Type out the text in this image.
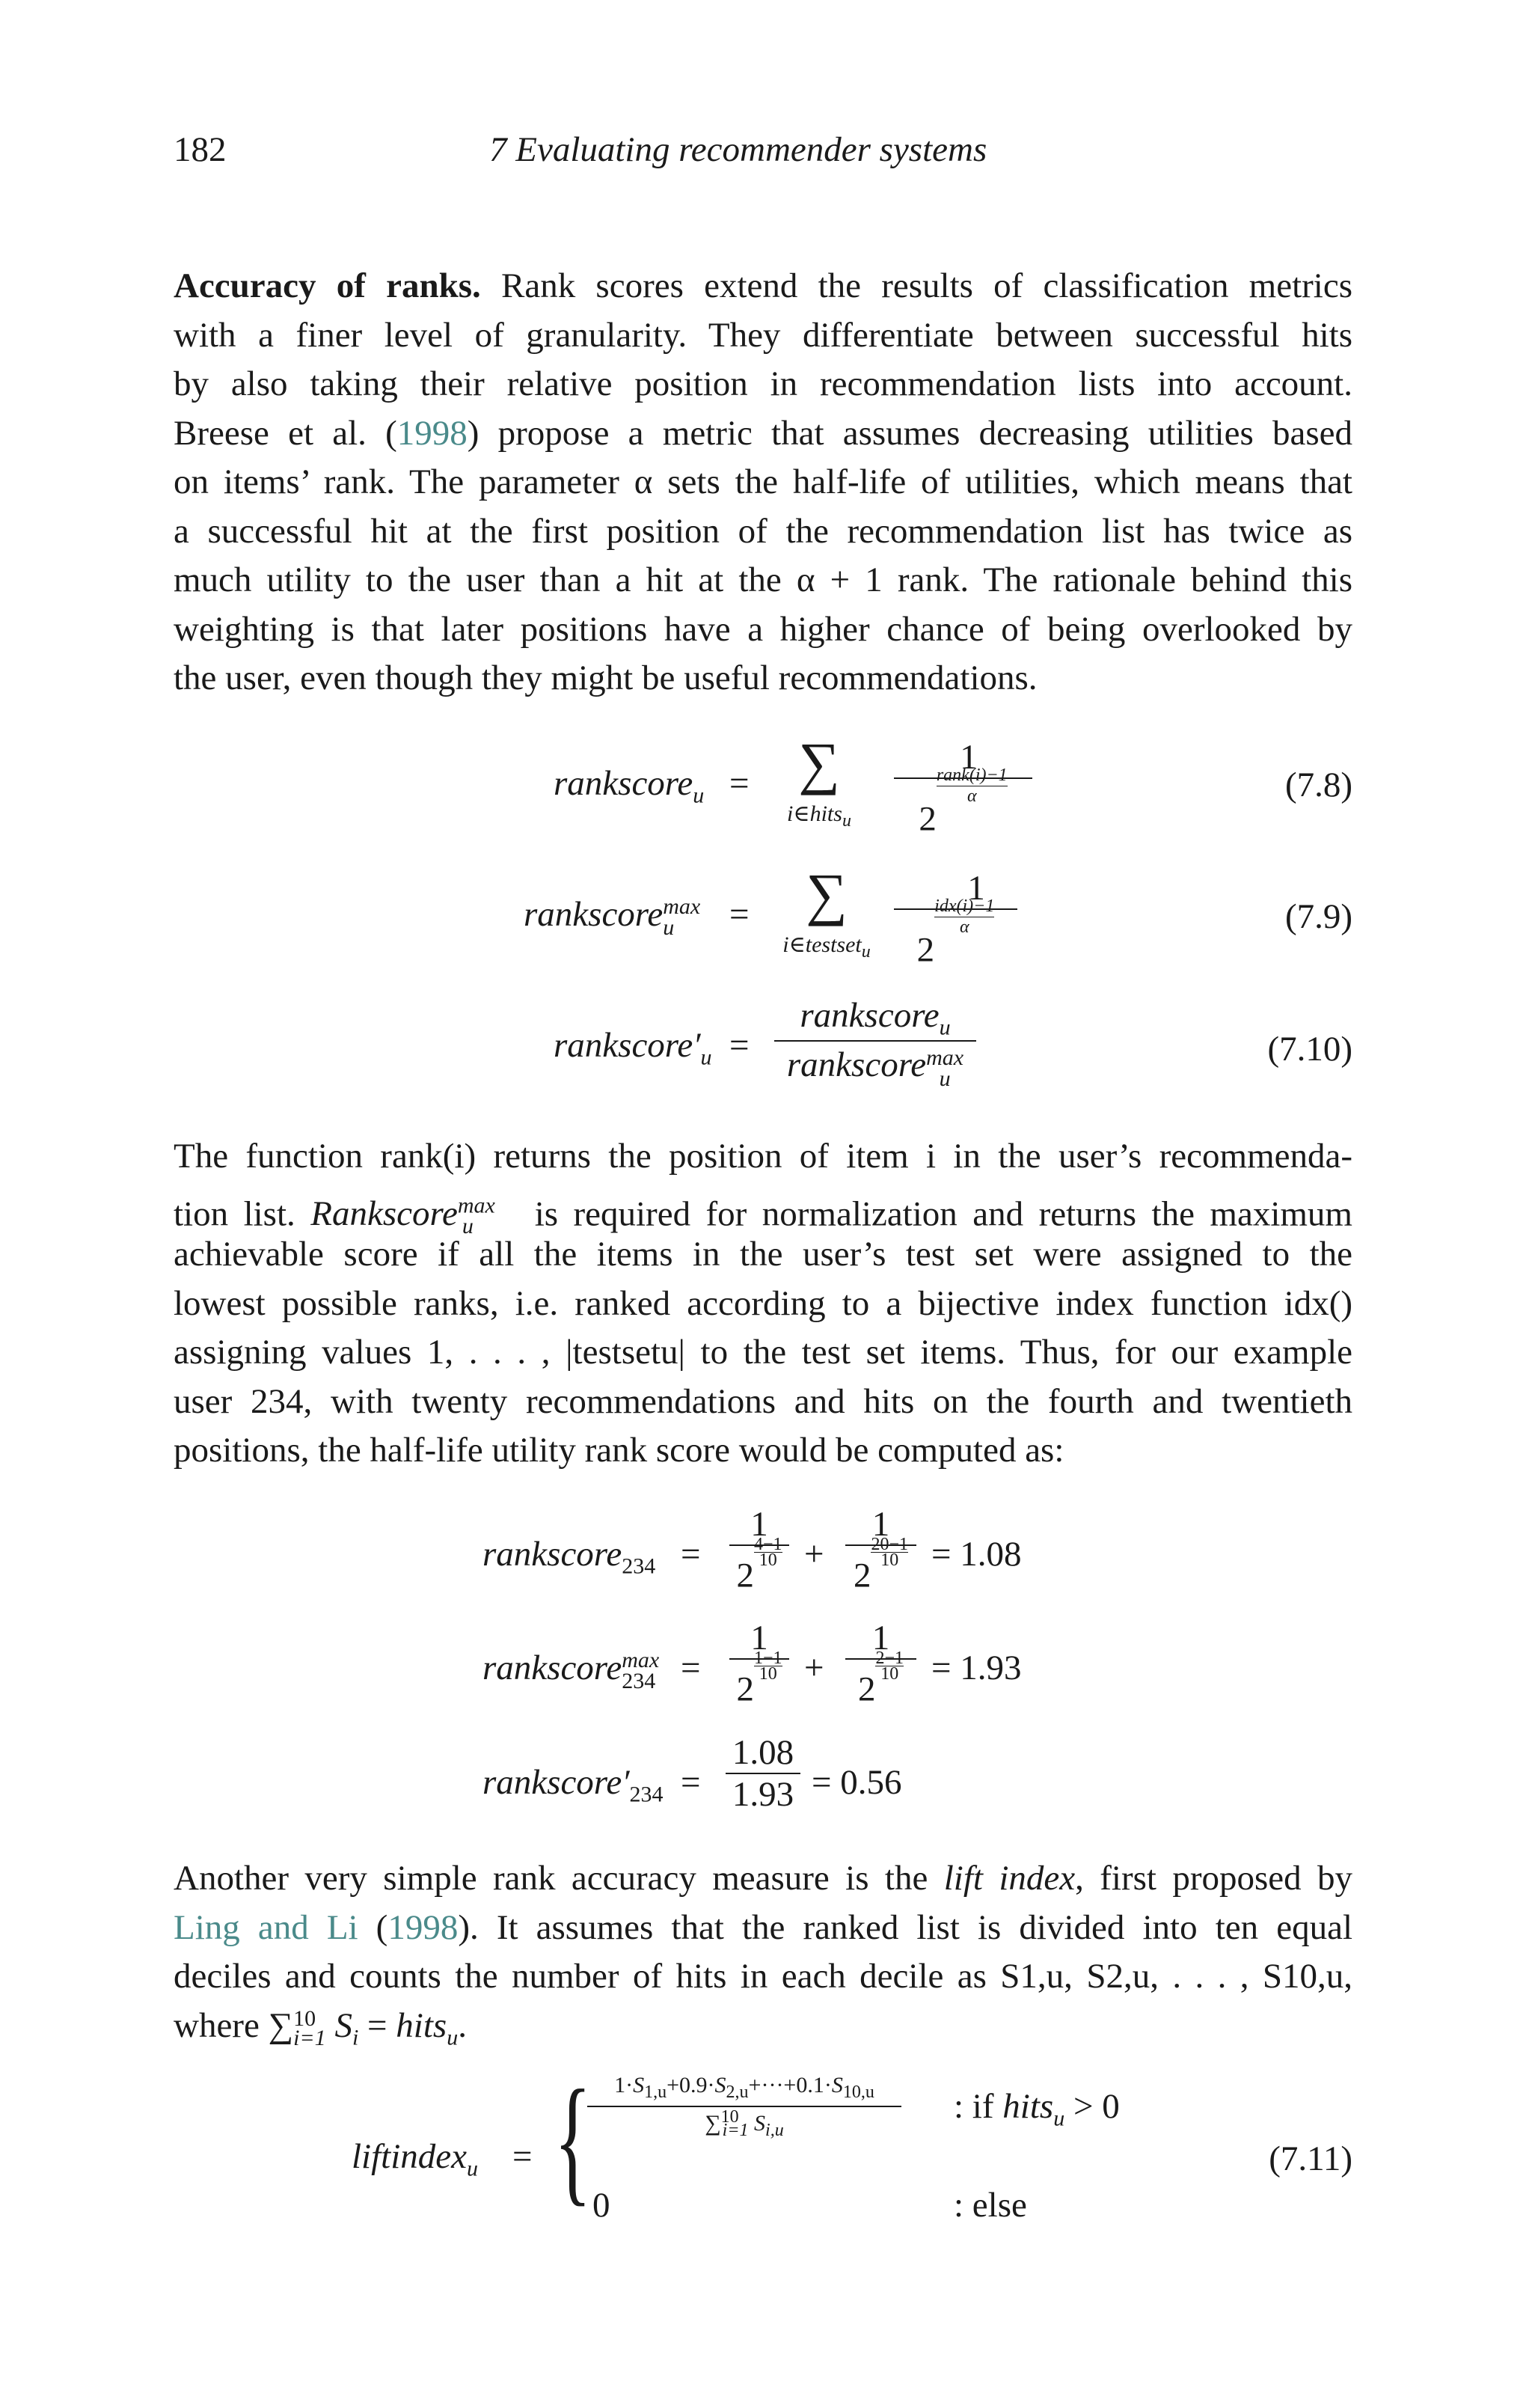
182	7 Evaluating recommender systems
Accuracy of ranks. Rank scores extend the results of classification metrics
with a finer level of granularity. They differentiate between successful hits
by also taking their relative position in recommendation lists into account.
Breese et al. (1998) propose a metric that assumes decreasing utilities based
on items’ rank. The parameter α sets the half-life of utilities, which means that
a successful hit at the first position of the recommendation list has twice as
much utility to the user than a hit at the α + 1 rank. The rationale behind this
weighting is that later positions have a higher chance of being overlooked by
the user, even though they might be useful recommendations.
rankscore$_u$ = ∑
i∈hits$_u$
1
2
$^{rank(i)-1 \alpha}$	(7.8)
rankscore max
u	= ∑
i∈testset$_u$
1
2
$^{idx(i)-1 \alpha}$	(7.9)
$rankscore'_u$ =
rankscore$_u$
rankscore max
u
(7.10)
The function rank(i) returns the position of item i in the user’s recommenda-
tion list. Rankscore$^{max}_u$ is required for normalization and returns the maximum
achievable score if all the items in the user’s test set were assigned to the
lowest possible ranks, i.e. ranked according to a bijective index function idx()
assigning values 1, . . . , |testsetu| to the test set items. Thus, for our example
user 234, with twenty recommendations and hits on the fourth and twentieth
positions, the half-life utility rank score would be computed as:
rankscore$_{234}$ =
1
2
$^{\frac{4-1}{10}}$ +
1
2
$^{\frac{20-1}{10}}$ = 1.08
rankscore max
234 =
1
2
$^{\frac{1-1}{10}}$ +
1
2
$^{\frac{2-1}{10}}$ = 1.93
$rankscore'_{234} = \frac{1.08}{1.93} = 0.56$
Another very simple rank accuracy measure is the lift index, first proposed by
Ling and Li (1998). It assumes that the ranked list is divided into ten equal
deciles and counts the number of hits in each decile as S1,u, S2,u, . . . , S10,u,
where ∑ 10
i=1 $S_i$ = hits$_u$.
liftindex$_u$ = {	$1\cdot S_{1,u}+0.9\cdot S_{2,u}+\cdot\cdot\cdot+0.1\cdot S_{10,u}$
∑$^{10}_{i=1}$ $S_{i,u}$
0
: if hits$_u$ > 0
: else
(7.11)
